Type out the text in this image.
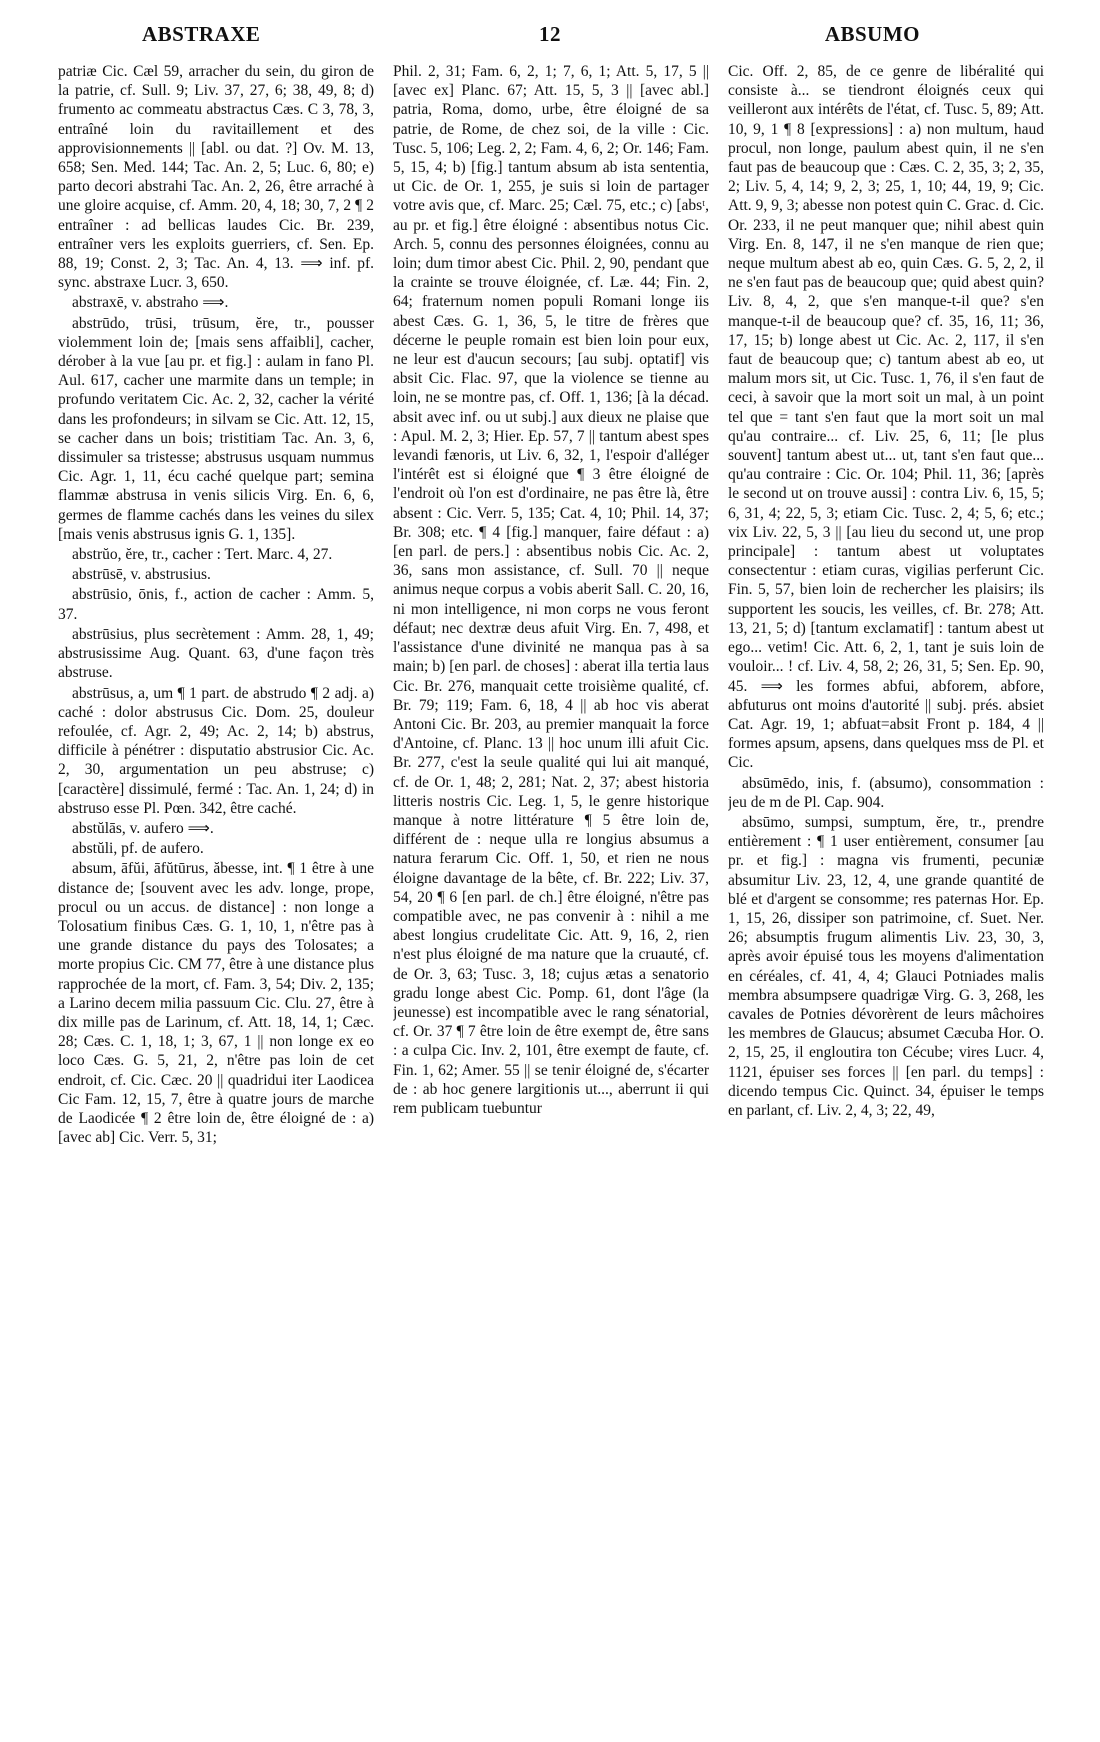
ABSTRAXE	12	ABSUMO

patriæ Cic. Cæl 59, arracher du sein, du giron de la patrie, cf. Sull. 9; Liv. 37, 27, 6; 38, 49, 8; d) frumento ac commeatu abstractus Cæs. C 3, 78, 3, entraîné loin du ravitaillement et des approvisionnements || [abl. ou dat. ?] Ov. M. 13, 658; Sen. Med. 144; Tac. An. 2, 5; Luc. 6, 80; e) parto decori abstrahi Tac. An. 2, 26, être arraché à une gloire acquise, cf. Amm. 20, 4, 18; 30, 7, 2 ¶ 2 entraîner : ad bellicas laudes Cic. Br. 239, entraîner vers les exploits guerriers, cf. Sen. Ep. 88, 19; Const. 2, 3; Tac. An. 4, 13. ⟹ inf. pf. sync. abstraxe Lucr. 3, 650.

abstraxē, v. abstraho ⟹.

abstrūdo, trūsi, trūsum, ĕre, tr., pousser violemment loin de; [mais sens affaibli], cacher, dérober à la vue [au pr. et fig.] : aulam in fano Pl. Aul. 617, cacher une marmite dans un temple; in profundo veritatem Cic. Ac. 2, 32, cacher la vérité dans les profondeurs; in silvam se Cic. Att. 12, 15, se cacher dans un bois; tristitiam Tac. An. 3, 6, dissimuler sa tristesse; abstrusus usquam nummus Cic. Agr. 1, 11, écu caché quelque part; semina flammæ abstrusa in venis silicis Virg. En. 6, 6, germes de flamme cachés dans les veines du silex [mais venis abstrusus ignis G. 1, 135].

abstrŭo, ĕre, tr., cacher : Tert. Marc. 4, 27.

abstrūsē, v. abstrusius.

abstrūsio, ōnis, f., action de cacher : Amm. 5, 37.

abstrūsius, plus secrètement : Amm. 28, 1, 49; abstrusissime Aug. Quant. 63, d'une façon très abstruse.

abstrūsus, a, um ¶ 1 part. de abstrudo ¶ 2 adj. a) caché : dolor abstrusus Cic. Dom. 25, douleur refoulée, cf. Agr. 2, 49; Ac. 2, 14; b) abstrus, difficile à pénétrer : disputatio abstrusior Cic. Ac. 2, 30, argumentation un peu abstruse; c) [caractère] dissimulé, fermé : Tac. An. 1, 24; d) in abstruso esse Pl. Pœn. 342, être caché.

abstŭlās, v. aufero ⟹.

abstŭli, pf. de aufero.

absum, āfŭi, āfŭtūrus, ăbesse, int. ¶ 1 être à une distance de; [souvent avec les adv. longe, prope, procul ou un accus. de distance] : non longe a Tolosatium finibus Cæs. G. 1, 10, 1, n'être pas à une grande distance du pays des Tolosates; a morte propius Cic. CM 77, être à une distance plus rapprochée de la mort, cf. Fam. 3, 54; Div. 2, 135; a Larino decem milia passuum Cic. Clu. 27, être à dix mille pas de Larinum, cf. Att. 18, 14, 1; Cæc. 28; Cæs. C. 1, 18, 1; 3, 67, 1 || non longe ex eo loco Cæs. G. 5, 21, 2, n'être pas loin de cet endroit, cf. Cic. Cæc. 20 || quadridui iter Laodicea Cic Fam. 12, 15, 7, être à quatre jours de marche de Laodicée ¶ 2 être loin de, être éloigné de : a) [avec ab] Cic. Verr. 5, 31;

Phil. 2, 31; Fam. 6, 2, 1; 7, 6, 1; Att. 5, 17, 5 || [avec ex] Planc. 67; Att. 15, 5, 3 || [avec abl.] patria, Roma, domo, urbe, être éloigné de sa patrie, de Rome, de chez soi, de la ville : Cic. Tusc. 5, 106; Leg. 2, 2; Fam. 4, 6, 2; Or. 146; Fam. 5, 15, 4; b) [fig.] tantum absum ab ista sententia, ut Cic. de Or. 1, 255, je suis si loin de partager votre avis que, cf. Marc. 25; Cæl. 75, etc.; c) [absᵗ, au pr. et fig.] être éloigné : absentibus notus Cic. Arch. 5, connu des personnes éloignées, connu au loin; dum timor abest Cic. Phil. 2, 90, pendant que la crainte se trouve éloignée, cf. Læ. 44; Fin. 2, 64; fraternum nomen populi Romani longe iis abest Cæs. G. 1, 36, 5, le titre de frères que décerne le peuple romain est bien loin pour eux, ne leur est d'aucun secours; [au subj. optatif] vis absit Cic. Flac. 97, que la violence se tienne au loin, ne se montre pas, cf. Off. 1, 136; [à la décad. absit avec inf. ou ut subj.] aux dieux ne plaise que : Apul. M. 2, 3; Hier. Ep. 57, 7 || tantum abest spes levandi fænoris, ut Liv. 6, 32, 1, l'espoir d'alléger l'intérêt est si éloigné que ¶ 3 être éloigné de l'endroit où l'on est d'ordinaire, ne pas être là, être absent : Cic. Verr. 5, 135; Cat. 4, 10; Phil. 14, 37; Br. 308; etc. ¶ 4 [fig.] manquer, faire défaut : a) [en parl. de pers.] : absentibus nobis Cic. Ac. 2, 36, sans mon assistance, cf. Sull. 70 || neque animus neque corpus a vobis aberit Sall. C. 20, 16, ni mon intelligence, ni mon corps ne vous feront défaut; nec dextræ deus afuit Virg. En. 7, 498, et l'assistance d'une divinité ne manqua pas à sa main; b) [en parl. de choses] : aberat illa tertia laus Cic. Br. 276, manquait cette troisième qualité, cf. Br. 79; 119; Fam. 6, 18, 4 || ab hoc vis aberat Antoni Cic. Br. 203, au premier manquait la force d'Antoine, cf. Planc. 13 || hoc unum illi afuit Cic. Br. 277, c'est la seule qualité qui lui ait manqué, cf. de Or. 1, 48; 2, 281; Nat. 2, 37; abest historia litteris nostris Cic. Leg. 1, 5, le genre historique manque à notre littérature ¶ 5 être loin de, différent de : neque ulla re longius absumus a natura ferarum Cic. Off. 1, 50, et rien ne nous éloigne davantage de la bête, cf. Br. 222; Liv. 37, 54, 20 ¶ 6 [en parl. de ch.] être éloigné, n'être pas compatible avec, ne pas convenir à : nihil a me abest longius crudelitate Cic. Att. 9, 16, 2, rien n'est plus éloigné de ma nature que la cruauté, cf. de Or. 3, 63; Tusc. 3, 18; cujus ætas a senatorio gradu longe abest Cic. Pomp. 61, dont l'âge (la jeunesse) est incompatible avec le rang sénatorial, cf. Or. 37 ¶ 7 être loin de être exempt de, être sans : a culpa Cic. Inv. 2, 101, être exempt de faute, cf. Fin. 1, 62; Amer. 55 || se tenir éloigné de, s'écarter de : ab hoc genere largitionis ut..., aberrunt ii qui rem publicam tuebuntur

Cic. Off. 2, 85, de ce genre de libéralité qui consiste à... se tiendront éloignés ceux qui veilleront aux intérêts de l'état, cf. Tusc. 5, 89; Att. 10, 9, 1 ¶ 8 [expressions] : a) non multum, haud procul, non longe, paulum abest quin, il ne s'en faut pas de beaucoup que : Cæs. C. 2, 35, 3; 2, 35, 2; Liv. 5, 4, 14; 9, 2, 3; 25, 1, 10; 44, 19, 9; Cic. Att. 9, 9, 3; abesse non potest quin C. Grac. d. Cic. Or. 233, il ne peut manquer que; nihil abest quin Virg. En. 8, 147, il ne s'en manque de rien que; neque multum abest ab eo, quin Cæs. G. 5, 2, 2, il ne s'en faut pas de beaucoup que; quid abest quin? Liv. 8, 4, 2, que s'en manque-t-il que? s'en manque-t-il de beaucoup que? cf. 35, 16, 11; 36, 17, 15; b) longe abest ut Cic. Ac. 2, 117, il s'en faut de beaucoup que; c) tantum abest ab eo, ut malum mors sit, ut Cic. Tusc. 1, 76, il s'en faut de ceci, à savoir que la mort soit un mal, à un point tel que = tant s'en faut que la mort soit un mal qu'au contraire... cf. Liv. 25, 6, 11; [le plus souvent] tantum abest ut... ut, tant s'en faut que... qu'au contraire : Cic. Or. 104; Phil. 11, 36; [après le second ut on trouve aussi] : contra Liv. 6, 15, 5; 6, 31, 4; 22, 5, 3; etiam Cic. Tusc. 2, 4; 5, 6; etc.; vix Liv. 22, 5, 3 || [au lieu du second ut, une prop principale] : tantum abest ut voluptates consectentur : etiam curas, vigilias perferunt Cic. Fin. 5, 57, bien loin de rechercher les plaisirs; ils supportent les soucis, les veilles, cf. Br. 278; Att. 13, 21, 5; d) [tantum exclamatif] : tantum abest ut ego... vetim! Cic. Att. 6, 2, 1, tant je suis loin de vouloir... ! cf. Liv. 4, 58, 2; 26, 31, 5; Sen. Ep. 90, 45. ⟹ les formes abfui, abforem, abfore, abfuturus ont moins d'autorité || subj. prés. absiet Cat. Agr. 19, 1; abfuat=absit Front p. 184, 4 || formes apsum, apsens, dans quelques mss de Pl. et Cic.

absūmēdo, inis, f. (absumo), consommation : jeu de m de Pl. Cap. 904.

absūmo, sumpsi, sumptum, ĕre, tr., prendre entièrement : ¶ 1 user entièrement, consumer [au pr. et fig.] : magna vis frumenti, pecuniæ absumitur Liv. 23, 12, 4, une grande quantité de blé et d'argent se consomme; res paternas Hor. Ep. 1, 15, 26, dissiper son patrimoine, cf. Suet. Ner. 26; absumptis frugum alimentis Liv. 23, 30, 3, après avoir épuisé tous les moyens d'alimentation en céréales, cf. 41, 4, 4; Glauci Potniades malis membra absumpsere quadrigæ Virg. G. 3, 268, les cavales de Potnies dévorèrent de leurs mâchoires les membres de Glaucus; absumet Cæcuba Hor. O. 2, 15, 25, il engloutira ton Cécube; vires Lucr. 4, 1121, épuiser ses forces || [en parl. du temps] : dicendo tempus Cic. Quinct. 34, épuiser le temps en parlant, cf. Liv. 2, 4, 3; 22, 49,
